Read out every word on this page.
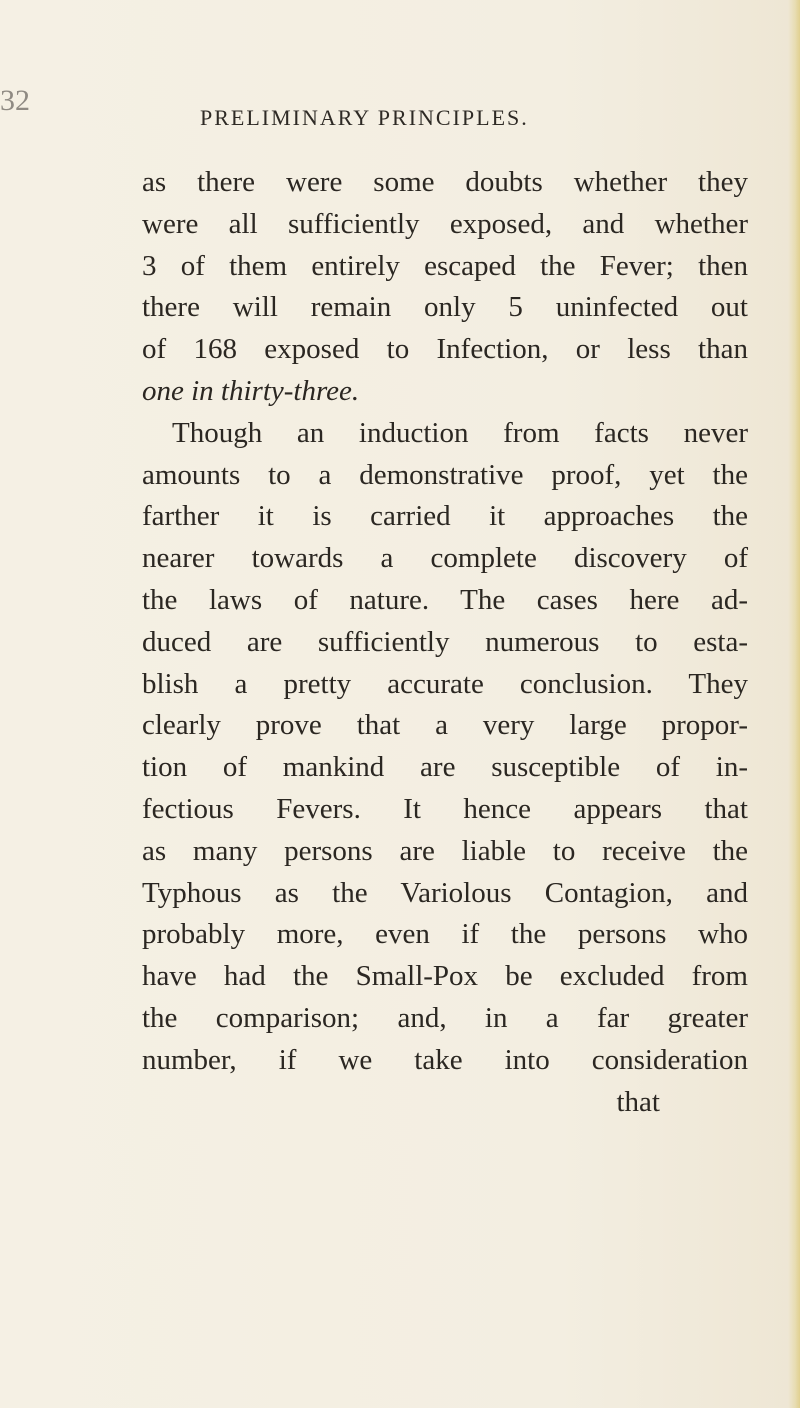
32
PRELIMINARY PRINCIPLES.
as there were some doubts whether they
were all sufficiently exposed, and whether
3 of them entirely escaped the Fever; then
there will remain only 5 uninfected out
of 168 exposed to Infection, or less than
one in thirty-three.
Though an induction from facts never
amounts to a demonstrative proof, yet the
farther it is carried it approaches the
nearer towards a complete discovery of
the laws of nature. The cases here ad-
duced are sufficiently numerous to esta-
blish a pretty accurate conclusion. They
clearly prove that a very large propor-
tion of mankind are susceptible of in-
fectious Fevers. It hence appears that
as many persons are liable to receive the
Typhous as the Variolous Contagion, and
probably more, even if the persons who
have had the Small-Pox be excluded from
the comparison; and, in a far greater
number, if we take into consideration
that
